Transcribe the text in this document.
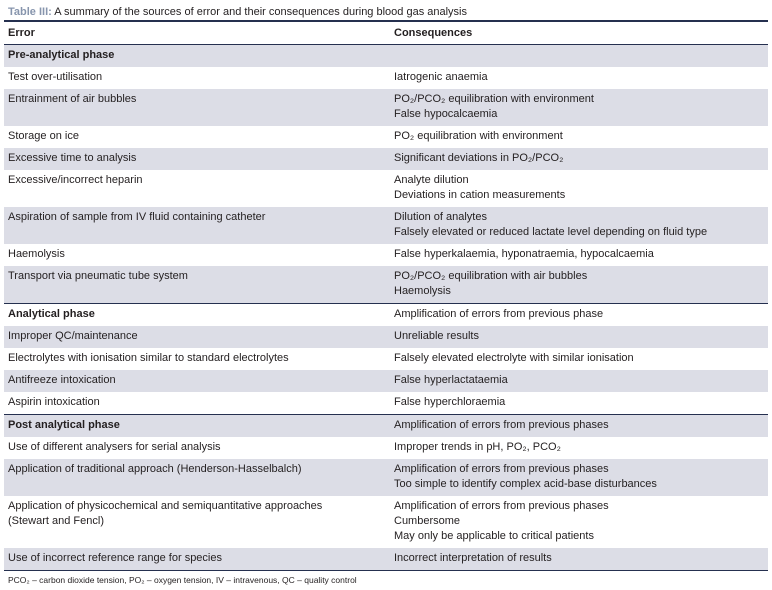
Table III: A summary of the sources of error and their consequences during blood gas analysis
Error	Consequences

Pre-analytical phase	

Test over-utilisation	Iatrogenic anaemia

Entrainment of air bubbles	PO₂/PCO₂ equilibration with environment
False hypocalcaemia

Storage on ice	PO₂ equilibration with environment

Excessive time to analysis	Significant deviations in PO₂/PCO₂

Excessive/incorrect heparin	Analyte dilution
Deviations in cation measurements

Aspiration of sample from IV fluid containing catheter	Dilution of analytes
Falsely elevated or reduced lactate level depending on fluid type

Haemolysis	False hyperkalaemia, hyponatraemia, hypocalcaemia

Transport via pneumatic tube system	PO₂/PCO₂ equilibration with air bubbles
Haemolysis

Analytical phase	Amplification of errors from previous phase

Improper QC/maintenance	Unreliable results

Electrolytes with ionisation similar to standard electrolytes	Falsely elevated electrolyte with similar ionisation

Antifreeze intoxication	False hyperlactataemia

Aspirin intoxication	False hyperchloraemia

Post analytical phase	Amplification of errors from previous phases

Use of different analysers for serial analysis	Improper trends in pH, PO₂, PCO₂

Application of traditional approach (Henderson-Hasselbalch)	Amplification of errors from previous phases
Too simple to identify complex acid-base disturbances

Application of physicochemical and semiquantitative approaches
(Stewart and Fencl)	Amplification of errors from previous phases
Cumbersome
May only be applicable to critical patients

Use of incorrect reference range for species	Incorrect interpretation of results
PCO₂ – carbon dioxide tension, PO₂ – oxygen tension, IV – intravenous, QC – quality control
